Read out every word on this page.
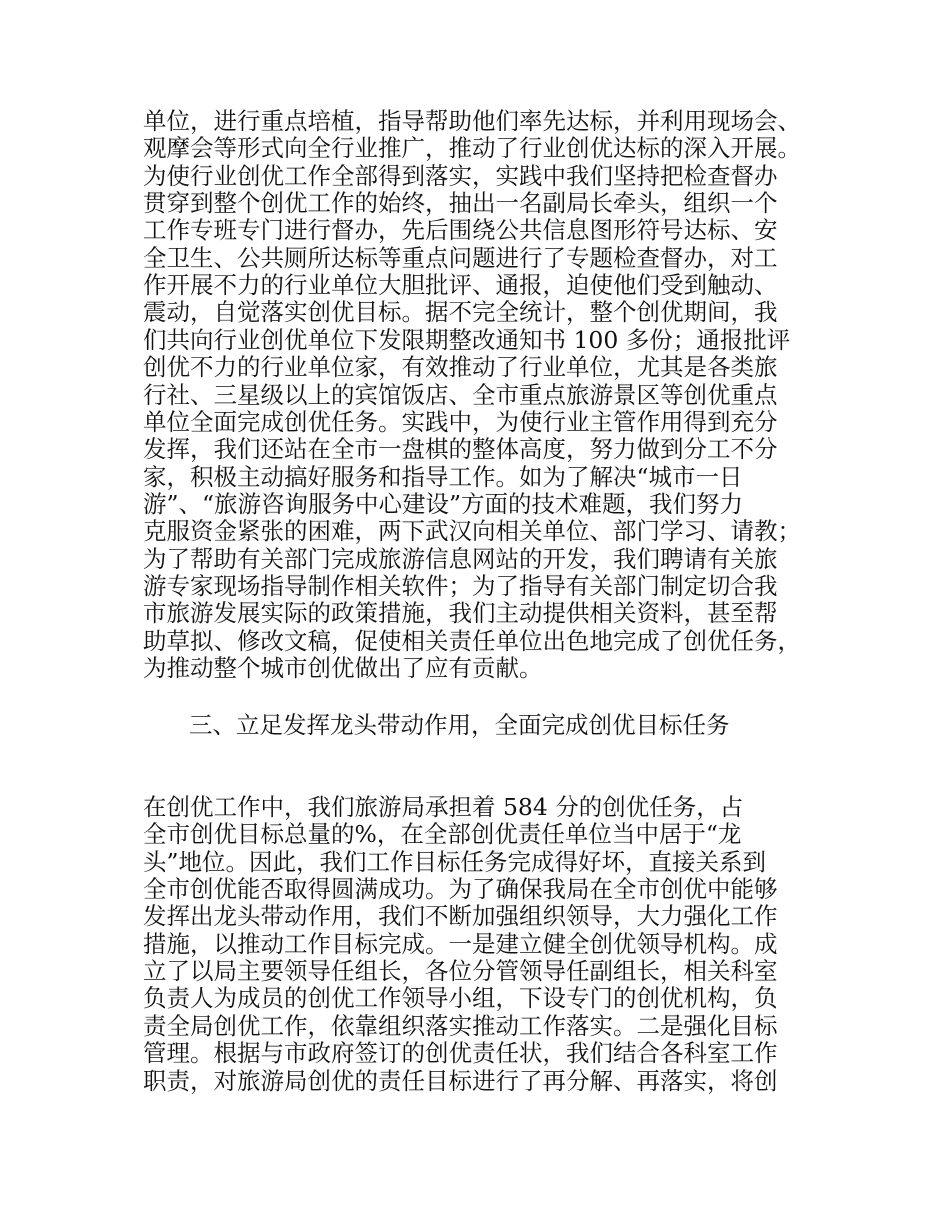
单位，进行重点培植，指导帮助他们率先达标，并利用现场会、
观摩会等形式向全行业推广，推动了行业创优达标的深入开展。
为使行业创优工作全部得到落实，实践中我们坚持把检查督办
贯穿到整个创优工作的始终，抽出一名副局长牵头，组织一个
工作专班专门进行督办，先后围绕公共信息图形符号达标、安
全卫生、公共厕所达标等重点问题进行了专题检查督办，对工
作开展不力的行业单位大胆批评、通报，迫使他们受到触动、
震动，自觉落实创优目标。据不完全统计，整个创优期间，我
们共向行业创优单位下发限期整改通知书 100 多份；通报批评
创优不力的行业单位家，有效推动了行业单位，尤其是各类旅
行社、三星级以上的宾馆饭店、全市重点旅游景区等创优重点
单位全面完成创优任务。实践中，为使行业主管作用得到充分
发挥，我们还站在全市一盘棋的整体高度，努力做到分工不分
家，积极主动搞好服务和指导工作。如为了解决“城市一日
游”、“旅游咨询服务中心建设”方面的技术难题，我们努力
克服资金紧张的困难，两下武汉向相关单位、部门学习、请教；
为了帮助有关部门完成旅游信息网站的开发，我们聘请有关旅
游专家现场指导制作相关软件；为了指导有关部门制定切合我
市旅游发展实际的政策措施，我们主动提供相关资料，甚至帮
助草拟、修改文稿，促使相关责任单位出色地完成了创优任务，
为推动整个城市创优做出了应有贡献。
三、立足发挥龙头带动作用，全面完成创优目标任务
在创优工作中，我们旅游局承担着 584 分的创优任务，占
全市创优目标总量的%，在全部创优责任单位当中居于“龙
头”地位。因此，我们工作目标任务完成得好坏，直接关系到
全市创优能否取得圆满成功。为了确保我局在全市创优中能够
发挥出龙头带动作用，我们不断加强组织领导，大力强化工作
措施，以推动工作目标完成。一是建立健全创优领导机构。成
立了以局主要领导任组长，各位分管领导任副组长，相关科室
负责人为成员的创优工作领导小组，下设专门的创优机构，负
责全局创优工作，依靠组织落实推动工作落实。二是强化目标
管理。根据与市政府签订的创优责任状，我们结合各科室工作
职责，对旅游局创优的责任目标进行了再分解、再落实，将创
